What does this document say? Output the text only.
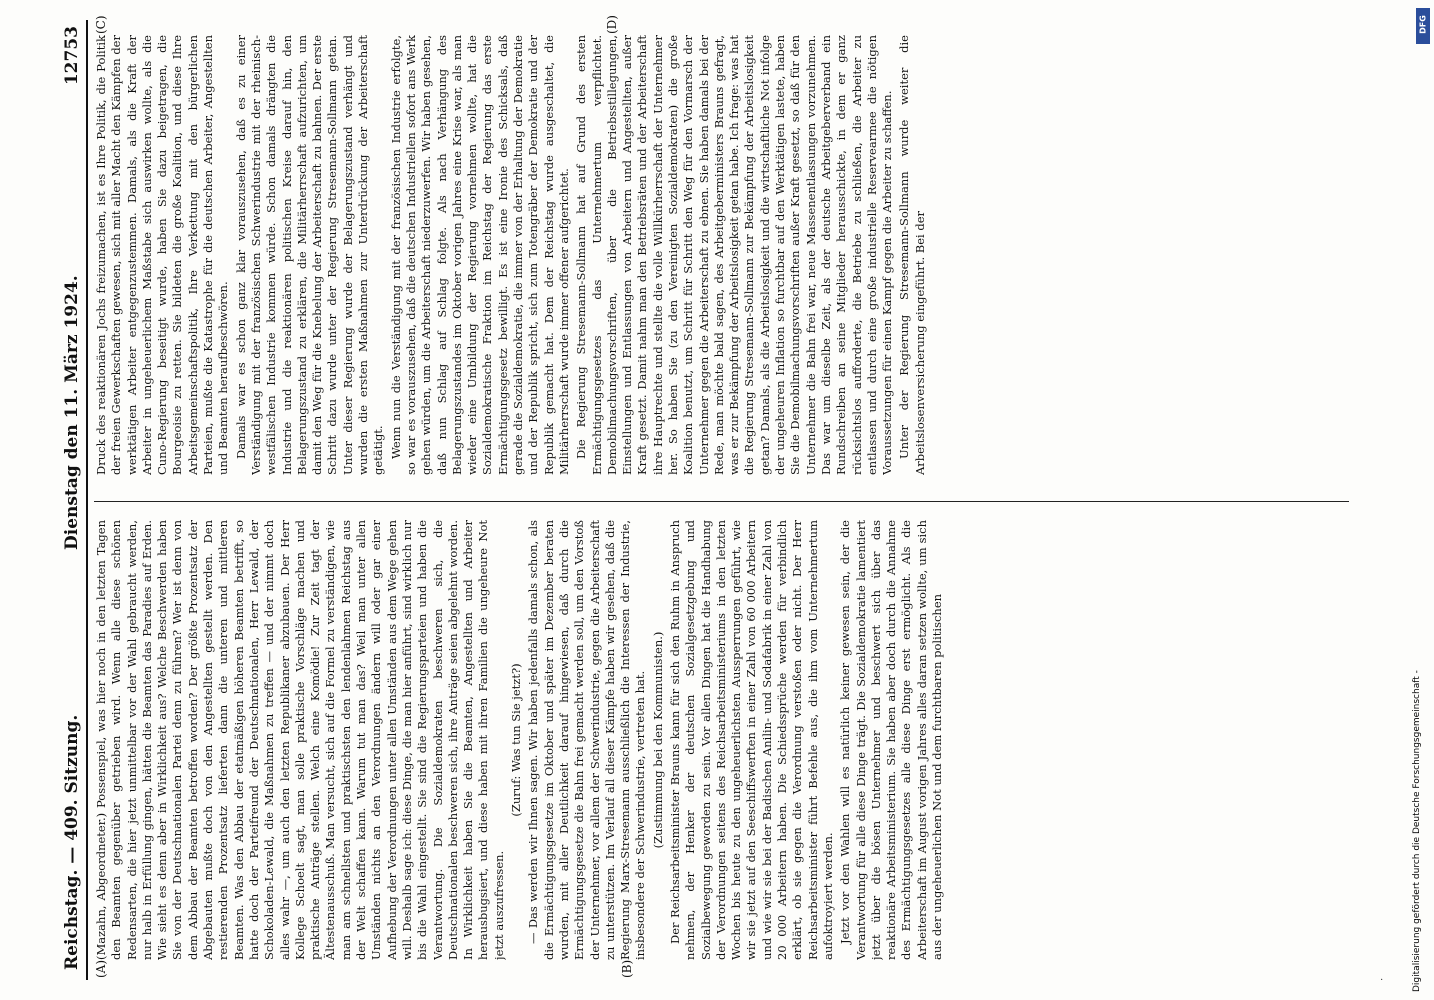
Reichstag. — 409. Sitzung.
Dienstag den 11. März 1924.
12753
(A)	(B)
(C)	(D)

(Mazahn, Abgeordneter.) Possenspiel, was hier noch in den letzten Tagen den Beamten gegenüber getrieben wird. Wenn alle diese schönen Redensarten, die hier jetzt unmittelbar vor der Wahl gebraucht werden, nur halb in Erfüllung gingen, hätten die Beamten das Paradies auf Erden. Wie sieht es denn aber in Wirklichkeit aus? Welche Beschwerden haben Sie von der Deutschnationalen Partei denn zu führen? Wer ist denn von dem Abbau der Beamten betroffen worden? Der größte Prozentsatz der Abgebauten mußte doch von den Angestellten gestellt werden. Den restierenden Prozentsatz lieferten dann die unteren und mittleren Beamten. Was den Abbau der etatmäßigen höheren Beamten betrifft, so hatte doch der Parteifreund der Deutschnationalen, Herr Lewald, der Schokoladen-Lewald, die Maßnahmen zu treffen — und der nimmt doch alles wahr —, um auch den letzten Republikaner abzubauen. Der Herr Kollege Schoelt sagt, man solle praktische Vorschläge machen und praktische Anträge stellen. Welch eine Komödie! Zur Zeit tagt der Ältestenausschuß. Man versucht, sich auf die Formel zu verständigen, wie man am schnellsten und praktischsten den lendenlahmen Reichstag aus der Welt schaffen kann. Warum tut man das? Weil man unter allen Umständen nichts an den Verordnungen ändern will oder gar einer Aufhebung der Verordnungen unter allen Umständen aus dem Wege gehen will. Deshalb sage ich: diese Dinge, die man hier anführt, sind wirklich nur bis die Wahl eingestellt. Sie sind die Regierungsparteien und haben die Verantwortung. Die Sozialdemokraten beschweren sich, die Deutschnationalen beschweren sich, ihre Anträge seien abgelehnt worden. In Wirklichkeit haben Sie die Beamten, Angestellten und Arbeiter herausbugsiert, und diese haben mit ihren Familien die ungeheure Not jetzt auszufressen.

(Zuruf: Was tun Sie jetzt?) — Das werden wir Ihnen sagen. Wir haben jedenfalls damals schon, als die Ermächtigungsgesetze im Oktober und später im Dezember beraten wurden, mit aller Deutlichkeit darauf hingewiesen, daß durch die Ermächtigungsgesetze die Bahn frei gemacht werden soll, um den Vorstoß der Unternehmer, vor allem der Schwerindustrie, gegen die Arbeiterschaft zu unterstützen. Im Verlauf all dieser Kämpfe haben wir gesehen, daß die Regierung Marx-Stresemann ausschließlich die Interessen der Industrie, insbesondere der Schwerindustrie, vertreten hat. (Zustimmung bei den Kommunisten.) Der Reichsarbeitsminister Brauns kann für sich den Ruhm in Anspruch nehmen, der Henker der deutschen Sozialgesetzgebung und Sozialbewegung geworden zu sein. Vor allen Dingen hat die Handhabung der Verordnungen seitens des Reichsarbeitsministeriums in den letzten Wochen bis heute zu den ungeheuerlichsten Aussperrungen geführt, wie wir sie jetzt auf den Seeschiffswerften in einer Zahl von 60 000 Arbeitern und wie wir sie bei der Badischen Anilin- und Sodafabrik in einer Zahl von 20 000 Arbeitern haben. Die Schiedssprüche werden für verbindlich erklärt, ob sie gegen die Verordnung verstoßen oder nicht. Der Herr Reichsarbeitsminister führt Befehle aus, die ihm vom Unternehmertum aufoktroyiert werden. Jetzt vor den Wahlen will es natürlich keiner gewesen sein, der die Verantwortung für alle diese Dinge trägt. Die Sozialdemokratie lamentiert jetzt über die bösen Unternehmer und beschwert sich über das reaktionäre Arbeitsministerium. Sie haben aber doch durch die Annahme des Ermächtigungsgesetzes alle diese Dinge erst ermöglicht. Als die Arbeiterschaft im August vorigen Jahres alles daran setzen wollte, um sich aus der ungeheuerlichen Not und dem furchtbaren politischen

Druck des reaktionären Jochs freizumachen, ist es Ihre Politik, die Politik der freien Gewerkschaften gewesen, sich mit aller Macht den Kämpfen der werktätigen Arbeiter entgegenzustemmen. Damals, als die Kraft der Arbeiter in ungeheuerlichem Maßstabe sich auswirken wollte, als die Cuno-Regierung beseitigt wurde, haben Sie dazu beigetragen, die Bourgeoisie zu retten. Sie bildeten die große Koalition, und diese Ihre Arbeitsgemeinschaftspolitik, Ihre Verkettung mit den bürgerlichen Parteien, mußte die Katastrophe für die deutschen Arbeiter, Angestellten und Beamten heraufbeschwören. Damals war es schon ganz klar vorauszusehen, daß es zu einer Verständigung mit der französischen Schwerindustrie mit der rheinisch-westfälischen Industrie kommen würde. Schon damals drängten die Industrie und die reaktionären politischen Kreise darauf hin, den Belagerungszustand zu erklären, die Militärherrschaft aufzurichten, um damit den Weg für die Knebelung der Arbeiterschaft zu bahnen. Der erste Schritt dazu wurde unter der Regierung Stresemann-Sollmann getan. Unter dieser Regierung wurde der Belagerungszustand verhängt und wurden die ersten Maßnahmen zur Unterdrückung der Arbeiterschaft getätigt. Wenn nun die Verständigung mit der französischen Industrie erfolgte, so war es vorauszusehen, daß die deutschen Industriellen sofort ans Werk gehen würden, um die Arbeiterschaft niederzuwerfen. Wir haben gesehen, daß nun Schlag auf Schlag folgte. Als nach Verhängung des Belagerungszustandes im Oktober vorigen Jahres eine Krise war, als man wieder eine Umbildung der Regierung vornehmen wollte, hat die Sozialdemokratische Fraktion im Reichstag der Regierung das erste Ermächtigungsgesetz bewilligt. Es ist eine Ironie des Schicksals, daß gerade die Sozialdemokratie, die immer von der Erhaltung der Demokratie und der Republik spricht, sich zum Totengräber der Demokratie und der Republik gemacht hat. Dem der Reichstag wurde ausgeschaltet, die Militärherrschaft wurde immer offener aufgerichtet. Die Regierung Stresemann-Sollmann hat auf Grund des ersten Ermächtigungsgesetzes das Unternehmertum verpflichtet. Demobilmachungsvorschriften, über die Betriebsstillegungen, Einstellungen und Entlassungen von Arbeitern und Angestellten, außer Kraft gesetzt. Damit nahm man den Betriebsräten und der Arbeiterschaft ihre Hauptrechte und stellte die volle Willkürherrschaft der Unternehmer her. So haben Sie (zu den Vereinigten Sozialdemokraten) die große Koalition benutzt, um Schritt für Schritt den Weg für den Vormarsch der Unternehmer gegen die Arbeiterschaft zu ebnen. Sie haben damals bei der Rede, man möchte bald sagen, des Arbeitgeberministers Brauns gefragt, was er zur Bekämpfung der Arbeitslosigkeit getan habe. Ich frage: was hat die Regierung Stresemann-Sollmann zur Bekämpfung der Arbeitslosigkeit getan? Damals, als die Arbeitslosigkeit und die wirtschaftliche Not infolge der ungeheuren Inflation so furchtbar auf den Werktätigen lastete, haben Sie die Demobilmachungsvorschriften außer Kraft gesetzt, so daß für den Unternehmer die Bahn frei war, neue Massenentlassungen vorzunehmen. Das war um dieselbe Zeit, als der deutsche Arbeitgeberverband ein Rundschreiben an seine Mitglieder herausschickte, in dem er ganz rücksichtslos aufforderte, die Betriebe zu schließen, die Arbeiter zu entlassen und durch eine große industrielle Reservearmee die nötigen Voraussetzungen für einen Kampf gegen die Arbeiter zu schaffen. Unter der Regierung Stresemann-Sollmann wurde weiter die Arbeitslosenversicherung eingeführt. Bei der

Digitalisierung gefördert durch die Deutsche Forschungsgemeinschaft -
DFG
·
